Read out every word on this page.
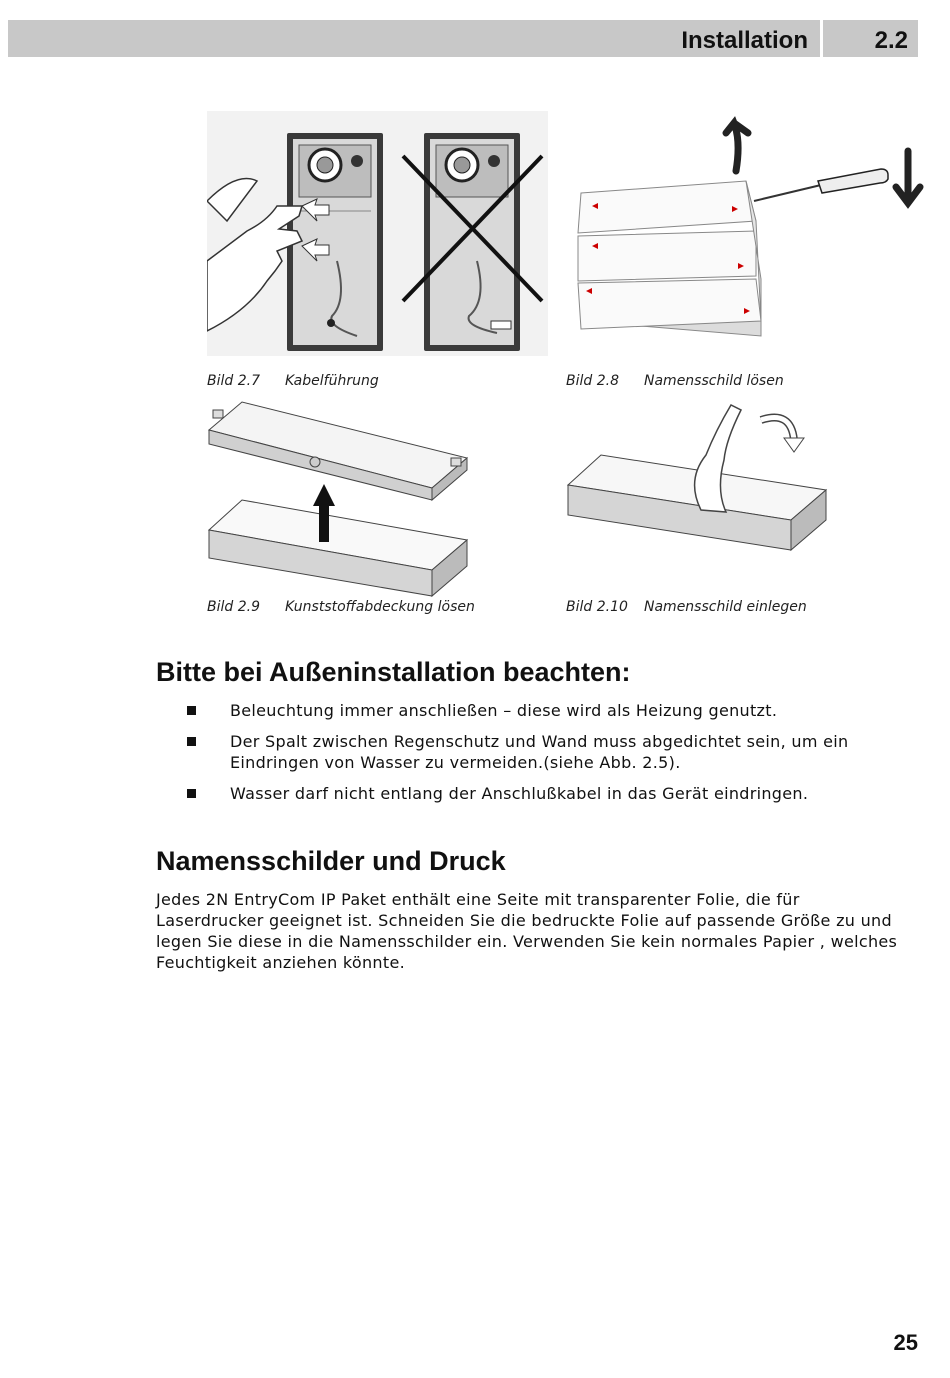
Installation	2.2
Bild 2.7 Kabelführung	Bild 2.8 Namensschild lösen
Bild 2.9 Kunststoffabdeckung lösen	Bild 2.10 Namensschild einlegen
Bitte bei Außeninstallation beachten:
Beleuchtung immer anschließen – diese wird als Heizung genutzt.
Der Spalt zwischen Regenschutz und Wand muss abgedichtet sein, um ein Eindringen von Wasser zu vermeiden.(siehe Abb. 2.5).
Wasser darf nicht entlang der Anschlußkabel in das Gerät eindringen.
Namensschilder und Druck

Jedes 2N EntryCom IP Paket enthält eine Seite mit transparenter Folie, die für Laserdrucker geeignet ist. Schneiden Sie die bedruckte Folie auf passende Größe zu und legen Sie diese in die Namensschilder ein. Verwenden Sie kein normales Papier , welches Feuchtigkeit anziehen könnte.

25
